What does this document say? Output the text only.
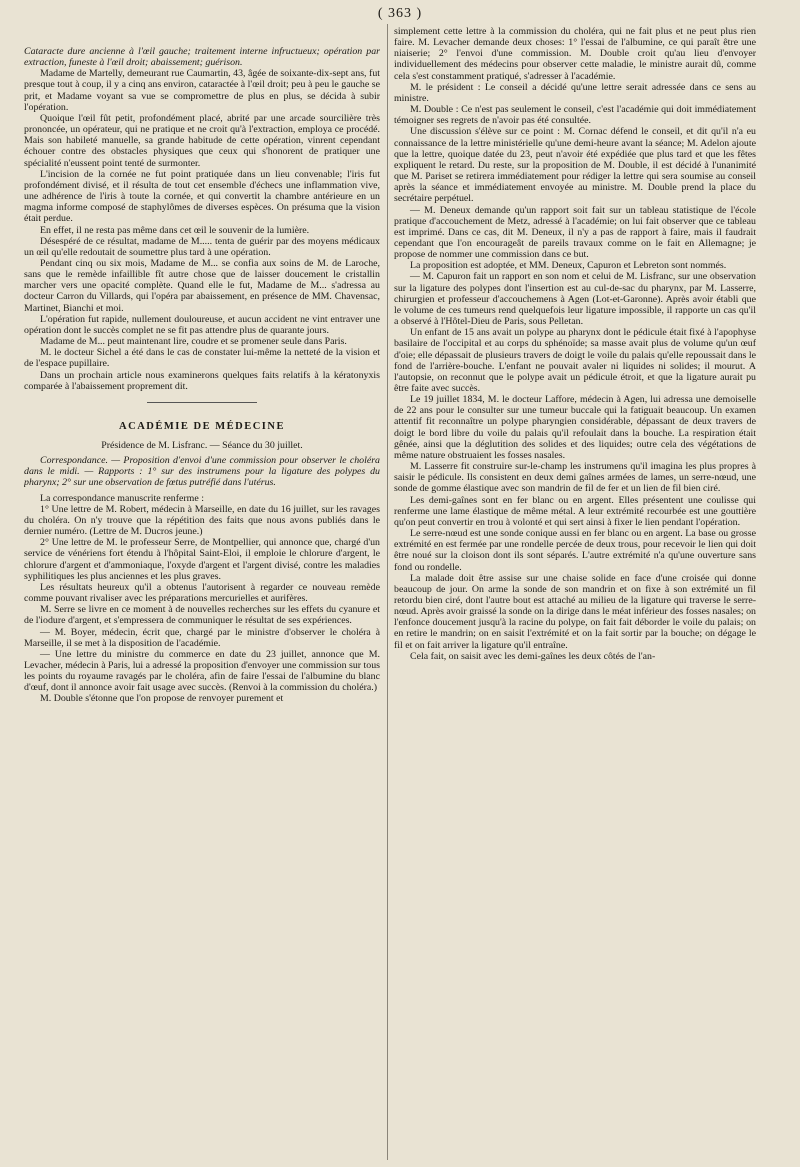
( 363 )

Cataracte dure ancienne à l'œil gauche; traitement interne infructueux; opération par extraction, funeste à l'œil droit; abaissement; guérison.

Madame de Martelly, demeurant rue Caumartin, 43, âgée de soixante-dix-sept ans, fut presque tout à coup, il y a cinq ans environ, cataractée à l'œil droit; peu à peu le gauche se prit, et Madame voyant sa vue se compromettre de plus en plus, se décida à subir l'opération.

Quoique l'œil fût petit, profondément placé, abrité par une arcade sourcilière très prononcée, un opérateur, qui ne pratique et ne croit qu'à l'extraction, employa ce procédé. Mais son habileté manuelle, sa grande habitude de cette opération, vinrent cependant échouer contre des obstacles physiques que ceux qui s'honorent de pratiquer une spécialité n'eussent point tenté de surmonter.

L'incision de la cornée ne fut point pratiquée dans un lieu convenable; l'iris fut profondément divisé, et il résulta de tout cet ensemble d'échecs une inflammation vive, une adhérence de l'iris à toute la cornée, et qui convertit la chambre antérieure en un magma informe composé de staphylômes de diverses espèces. On présuma que la vision était perdue.

En effet, il ne resta pas même dans cet œil le souvenir de la lumière.

Désespéré de ce résultat, madame de M..... tenta de guérir par des moyens médicaux un œil qu'elle redoutait de soumettre plus tard à une opération.

Pendant cinq ou six mois, Madame de M... se confia aux soins de M. de Laroche, sans que le remède infaillible fît autre chose que de laisser doucement le cristallin marcher vers une opacité complète. Quand elle le fut, Madame de M... s'adressa au docteur Carron du Villards, qui l'opéra par abaissement, en présence de MM. Chavensac, Martinet, Bianchi et moi.

L'opération fut rapide, nullement douloureuse, et aucun accident ne vint entraver une opération dont le succès complet ne se fit pas attendre plus de quarante jours.

Madame de M... peut maintenant lire, coudre et se promener seule dans Paris.

M. le docteur Sichel a été dans le cas de constater lui-même la netteté de la vision et de l'espace pupillaire.

Dans un prochain article nous examinerons quelques faits relatifs à la kératonyxis comparée à l'abaissement proprement dit.

ACADÉMIE DE MÉDECINE

Présidence de M. Lisfranc. — Séance du 30 juillet.

Correspondance. — Proposition d'envoi d'une commission pour observer le choléra dans le midi. — Rapports : 1° sur des instrumens pour la ligature des polypes du pharynx; 2° sur une observation de fœtus putréfié dans l'utérus.

La correspondance manuscrite renferme :

1° Une lettre de M. Robert, médecin à Marseille, en date du 16 juillet, sur les ravages du choléra. On n'y trouve que la répétition des faits que nous avons publiés dans le dernier numéro. (Lettre de M. Ducros jeune.)

2° Une lettre de M. le professeur Serre, de Montpellier, qui annonce que, chargé d'un service de vénériens fort étendu à l'hôpital Saint-Eloi, il emploie le chlorure d'argent, le chlorure d'argent et d'ammoniaque, l'oxyde d'argent et l'argent divisé, contre les maladies syphilitiques les plus anciennes et les plus graves.

Les résultats heureux qu'il a obtenus l'autorisent à regarder ce nouveau remède comme pouvant rivaliser avec les préparations mercurielles et aurifères.

M. Serre se livre en ce moment à de nouvelles recherches sur les effets du cyanure et de l'iodure d'argent, et s'empressera de communiquer le résultat de ses expériences.

— M. Boyer, médecin, écrit que, chargé par le ministre d'observer le choléra à Marseille, il se met à la disposition de l'académie.

— Une lettre du ministre du commerce en date du 23 juillet, annonce que M. Levacher, médecin à Paris, lui a adressé la proposition d'envoyer une commission sur tous les points du royaume ravagés par le choléra, afin de faire l'essai de l'albumine du blanc d'œuf, dont il annonce avoir fait usage avec succès. (Renvoi à la commission du choléra.)

M. Double s'étonne que l'on propose de renvoyer purement et

simplement cette lettre à la commission du choléra, qui ne fait plus et ne peut plus rien faire. M. Levacher demande deux choses: 1° l'essai de l'albumine, ce qui paraît être une niaiserie; 2° l'envoi d'une commission. M. Double croit qu'au lieu d'envoyer individuellement des médecins pour observer cette maladie, le ministre aurait dû, comme cela s'est constamment pratiqué, s'adresser à l'académie.

M. le président : Le conseil a décidé qu'une lettre serait adressée dans ce sens au ministre.

M. Double : Ce n'est pas seulement le conseil, c'est l'académie qui doit immédiatement témoigner ses regrets de n'avoir pas été consultée.

Une discussion s'élève sur ce point : M. Cornac défend le conseil, et dit qu'il n'a eu connaissance de la lettre ministérielle qu'une demi-heure avant la séance; M. Adelon ajoute que la lettre, quoique datée du 23, peut n'avoir été expédiée que plus tard et que les fêtes expliquent le retard. Du reste, sur la proposition de M. Double, il est décidé à l'unanimité que M. Pariset se retirera immédiatement pour rédiger la lettre qui sera soumise au conseil après la séance et immédiatement envoyée au ministre. M. Double prend la place du secrétaire perpétuel.

— M. Deneux demande qu'un rapport soit fait sur un tableau statistique de l'école pratique d'accouchement de Metz, adressé à l'académie; on lui fait observer que ce tableau est imprimé. Dans ce cas, dit M. Deneux, il n'y a pas de rapport à faire, mais il faudrait cependant que l'on encourageât de pareils travaux comme on le fait en Allemagne; je propose de nommer une commission dans ce but.

La proposition est adoptée, et MM. Deneux, Capuron et Lebreton sont nommés.

— M. Capuron fait un rapport en son nom et celui de M. Lisfranc, sur une observation sur la ligature des polypes dont l'insertion est au cul-de-sac du pharynx, par M. Lasserre, chirurgien et professeur d'accouchemens à Agen (Lot-et-Garonne). Après avoir établi que le volume de ces tumeurs rend quelquefois leur ligature impossible, il rapporte un cas qu'il a observé à l'Hôtel-Dieu de Paris, sous Pelletan.

Un enfant de 15 ans avait un polype au pharynx dont le pédicule était fixé à l'apophyse basilaire de l'occipital et au corps du sphénoïde; sa masse avait plus de volume qu'un œuf d'oie; elle dépassait de plusieurs travers de doigt le voile du palais qu'elle repoussait dans le fond de l'arrière-bouche. L'enfant ne pouvait avaler ni liquides ni solides; il mourut. A l'autopsie, on reconnut que le polype avait un pédicule étroit, et que la ligature aurait pu être faite avec succès.

Le 19 juillet 1834, M. le docteur Laffore, médecin à Agen, lui adressa une demoiselle de 22 ans pour le consulter sur une tumeur buccale qui la fatiguait beaucoup. Un examen attentif fit reconnaître un polype pharyngien considérable, dépassant de deux travers de doigt le bord libre du voile du palais qu'il refoulait dans la bouche. La respiration était gênée, ainsi que la déglutition des solides et des liquides; outre cela des végétations de même nature obstruaient les fosses nasales.

M. Lasserre fit construire sur-le-champ les instrumens qu'il imagina les plus propres à saisir le pédicule. Ils consistent en deux demi gaînes armées de lames, un serre-nœud, une sonde de gomme élastique avec son mandrin de fil de fer et un lien de fil bien ciré.

Les demi-gaînes sont en fer blanc ou en argent. Elles présentent une coulisse qui renferme une lame élastique de même métal. A leur extrémité recourbée est une gouttière qu'on peut convertir en trou à volonté et qui sert ainsi à fixer le lien pendant l'opération.

Le serre-nœud est une sonde conique aussi en fer blanc ou en argent. La base ou grosse extrémité en est fermée par une rondelle percée de deux trous, pour recevoir le lien qui doit être noué sur la cloison dont ils sont séparés. L'autre extrémité n'a qu'une ouverture sans fond ou rondelle.

La malade doit être assise sur une chaise solide en face d'une croisée qui donne beaucoup de jour. On arme la sonde de son mandrin et on fixe à son extrémité un fil retordu bien ciré, dont l'autre bout est attaché au milieu de la ligature qui traverse le serre-nœud. Après avoir graissé la sonde on la dirige dans le méat inférieur des fosses nasales; on l'enfonce doucement jusqu'à la racine du polype, on fait fait déborder le voile du palais; on en retire le mandrin; on en saisit l'extrémité et on la fait sortir par la bouche; on dégage le fil et on fait arriver la ligature qu'il entraîne.

Cela fait, on saisit avec les demi-gaînes les deux côtés de l'an-
